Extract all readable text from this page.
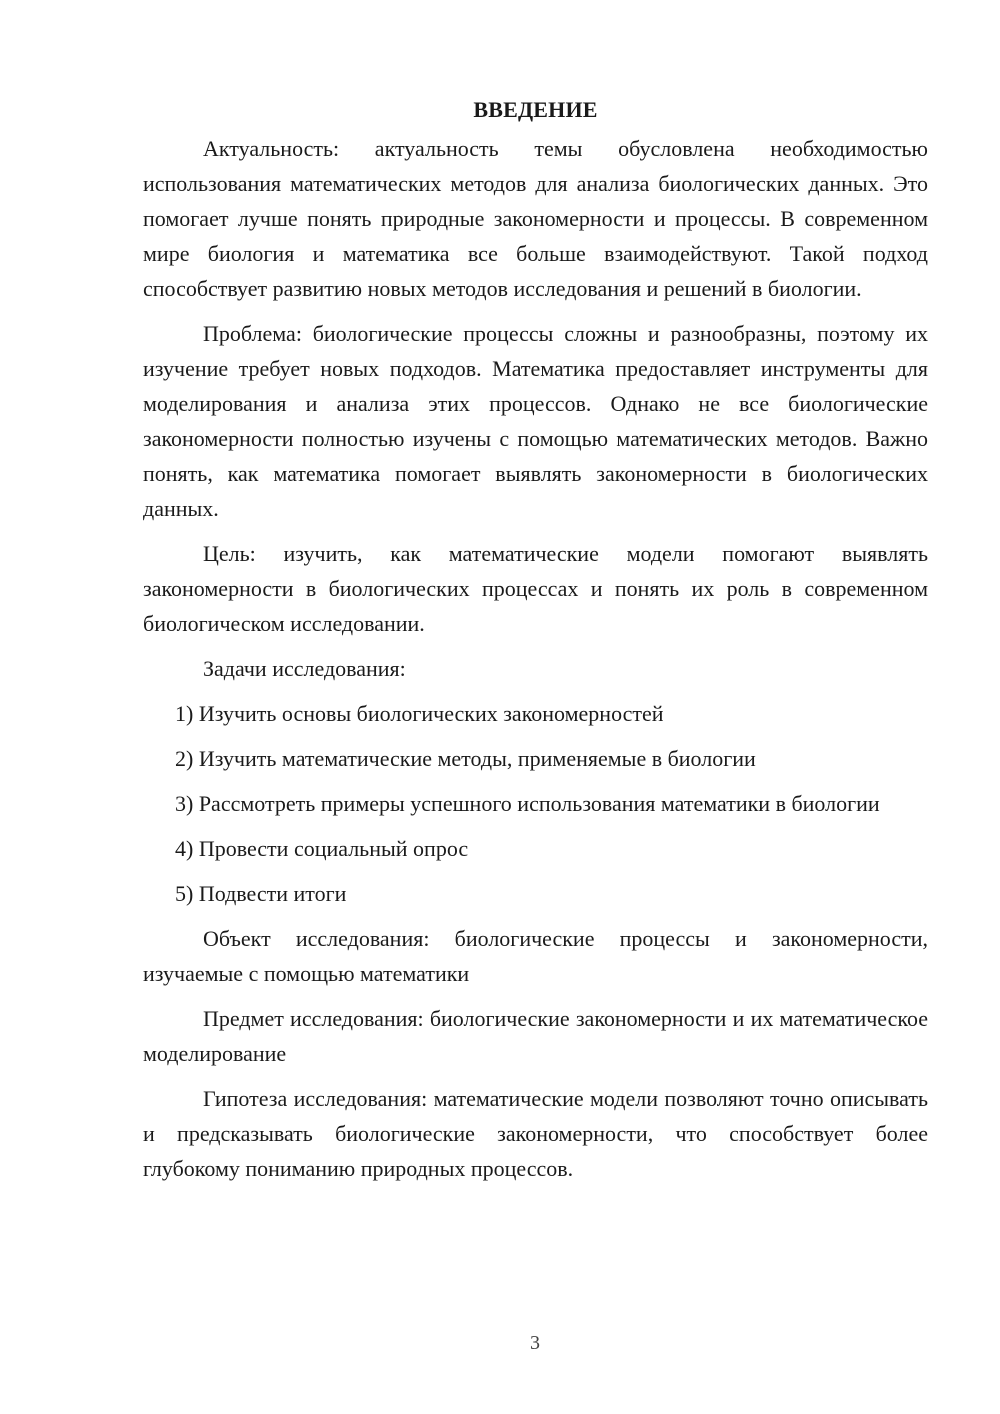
ВВЕДЕНИЕ

Актуальность: актуальность темы обусловлена необходимостью использования математических методов для анализа биологических данных. Это помогает лучше понять природные закономерности и процессы. В современном мире биология и математика все больше взаимодействуют. Такой подход способствует развитию новых методов исследования и решений в биологии.

Проблема: биологические процессы сложны и разнообразны, поэтому их изучение требует новых подходов. Математика предоставляет инструменты для моделирования и анализа этих процессов. Однако не все биологические закономерности полностью изучены с помощью математических методов. Важно понять, как математика помогает выявлять закономерности в биологических данных.

Цель: изучить, как математические модели помогают выявлять закономерности в биологических процессах и понять их роль в современном биологическом исследовании.

Задачи исследования:

1) Изучить основы биологических закономерностей

2) Изучить математические методы, применяемые в биологии

3) Рассмотреть примеры успешного использования математики в биологии

4) Провести социальный опрос

5) Подвести итоги

Объект исследования: биологические процессы и закономерности, изучаемые с помощью математики

Предмет исследования: биологические закономерности и их математическое моделирование

Гипотеза исследования: математические модели позволяют точно описывать и предсказывать биологические закономерности, что способствует более глубокому пониманию природных процессов.

3
